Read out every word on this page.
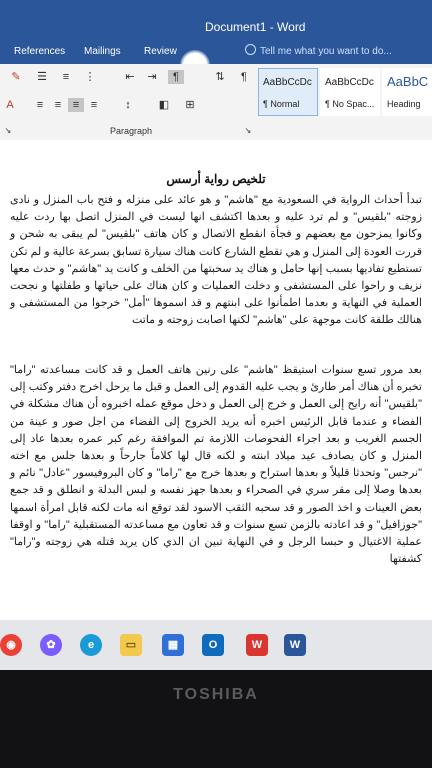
Document1 - Word
References Mailings Review	Tell me what you want to do...
✎	☰	≡	⋮	⇤	⇥	¶	⇅	¶
A	≡	≡	≡	≡	↕	◧	⊞
Paragraph
↘	↘
AaBbCcDc
¶ Normal
AaBbCcDc
¶ No Spac...
AaBbC
Heading
تلخيص رواية أرسس
تبدأ أحداث الرواية في السعودية مع "هاشم" و هو عائد على منزله و فتح باب المنزل و نادى زوجته "بلقيس" و لم ترد عليه و بعدها اكتشف انها ليست في المنزل اتصل بها ردت عليه وكانوا يمزحون مع بعضهم و فجأة انقطع الاتصال و كان هاتف "بلقيس" لم يبقى به شحن و قررت العودة إلى المنزل و هي تقطع الشارع كانت هناك سيارة تسابق بسرعة عالية و لم تكن تستطيع تفاديها بسبب إنها حامل و هناك يد سحبتها من الخلف و كانت يد "هاشم" و حدث معها نزيف و راحوا على المستشفى و دخلت العمليات و كان هناك على حياتها و طفلتها و نجحت العملية في النهاية و بعدما اطمأنوا على ابنتهم و قد اسموها "أمل" خرجوا من المستشفى و هنالك طلقة كانت موجهة على "هاشم" لكنها اصابت زوجته و ماتت
بعد مرور تسع سنوات استيقظ "هاشم" على رنين هاتف العمل و قد كانت مساعدته "راما" تخبره أن هناك أمر طارئ و يجب عليه القدوم إلى العمل و قبل ما يرحل اخرج دفتر وكتب إلى "بلقيس" أنه رايح إلى العمل و خرج إلى العمل و دخل موقع عمله اخبروه أن هناك مشكلة في الفضاء و عندما قابل الرئيس اخبره أنه يريد الخروج إلى الفضاء من اجل صور و عينة من الجسم الغريب و بعد اجراء الفحوصات اللازمة تم الموافقة رغم كبر عمره بعدها عاد إلى المنزل و كان يصادف عيد ميلاد ابنته و لكنه قال لها كلاماً جارحاً و بعدها جلس مع اخته "نرجس" وتحدثا قليلاً و بعدها استراح و بعدها خرج مع "راما" و كان البروفيسور "عادل" نائم و بعدها وصلا إلى مقر سري في الصحراء و بعدها جهز نفسه و لبس البدلة و انطلق و قد جمع بعض العينات و اخذ الصور و قد سحبه الثقب الاسود لقد توقع انه مات لكنه قابل امرأة اسمها "جوزافيل" و قد اعادته بالزمن تسع سنوات و قد تعاون مع مساعدته المستقبلية "راما" و اوقفا عملية الاغتيال و حبسا الرجل و في النهاية تبين ان الذي كان يريد قتله هي زوجته و"راما" كشفتها
◉	✿	e	▭	▦	O	W	W
TOSHIBA
